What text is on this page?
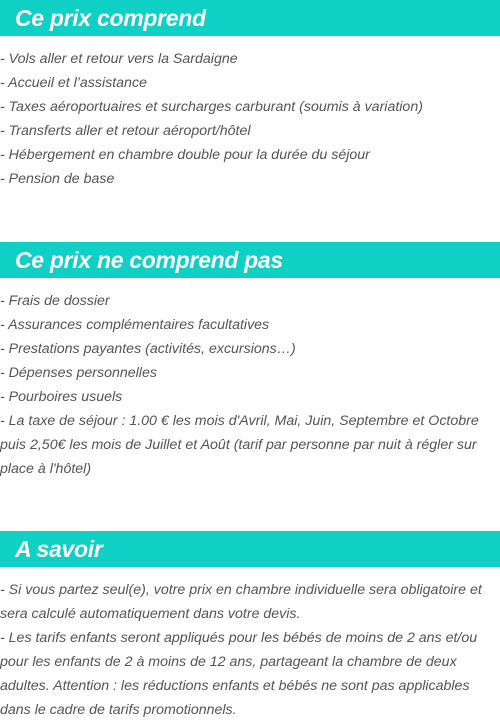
Ce prix comprend
- Vols aller et retour vers la Sardaigne
- Accueil et l’assistance
- Taxes aéroportuaires et surcharges carburant (soumis à variation)
- Transferts aller et retour aéroport/hôtel
- Hébergement en chambre double pour la durée du séjour
- Pension de base
Ce prix ne comprend pas
- Frais de dossier
- Assurances complémentaires facultatives
- Prestations payantes (activités, excursions…)
- Dépenses personnelles
- Pourboires usuels
- La taxe de séjour : 1.00 € les mois d'Avril, Mai, Juin, Septembre et Octobre puis 2,50€ les mois de Juillet et Août (tarif par personne par nuit à régler sur place à l'hôtel)
A savoir
- Si vous partez seul(e), votre prix en chambre individuelle sera obligatoire et sera calculé automatiquement dans votre devis.
- Les tarifs enfants seront appliqués pour les bébés de moins de 2 ans et/ou pour les enfants de 2 à moins de 12 ans, partageant la chambre de deux adultes. Attention : les réductions enfants et bébés ne sont pas applicables dans le cadre de tarifs promotionnels.
